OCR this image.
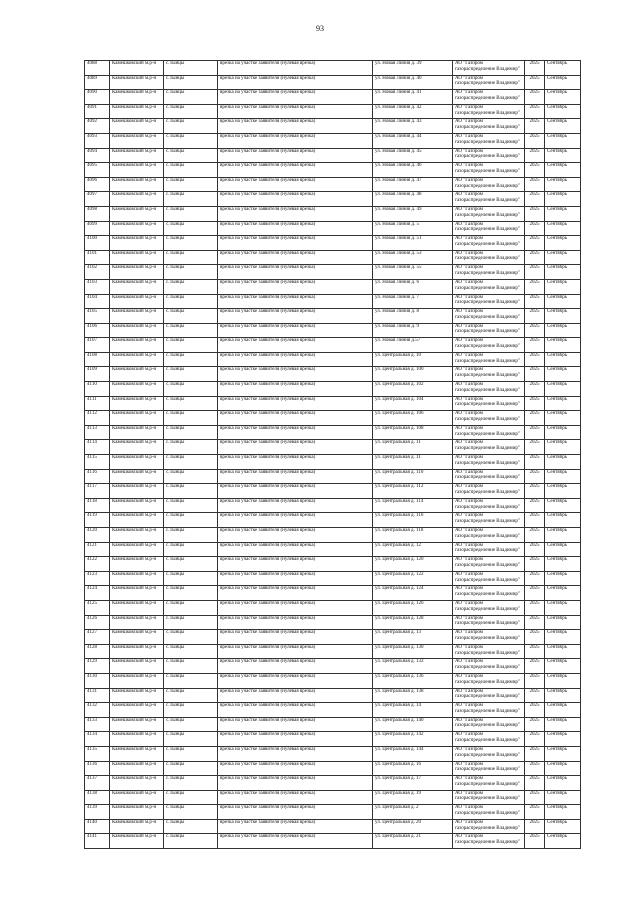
93
4088	Камешковский м.р-н	с.Тынцы	врезка на участке заявителя (нулевая врезка)	ул. Новая Линия д. 39	АО "Газпром газораспределение Владимир"	2025	Сентябрь
4089	Камешковский м.р-н	с.Тынцы	врезка на участке заявителя (нулевая врезка)	ул. Новая Линия д. 40	АО "Газпром газораспределение Владимир"	2025	Сентябрь
4090	Камешковский м.р-н	с.Тынцы	врезка на участке заявителя (нулевая врезка)	ул. Новая Линия д. 41	АО "Газпром газораспределение Владимир"	2025	Сентябрь
4091	Камешковский м.р-н	с.Тынцы	врезка на участке заявителя (нулевая врезка)	ул. Новая Линия д. 42	АО "Газпром газораспределение Владимир"	2025	Сентябрь
4092	Камешковский м.р-н	с.Тынцы	врезка на участке заявителя (нулевая врезка)	ул. Новая Линия д. 43	АО "Газпром газораспределение Владимир"	2025	Сентябрь
4093	Камешковский м.р-н	с.Тынцы	врезка на участке заявителя (нулевая врезка)	ул. Новая Линия д. 44	АО "Газпром газораспределение Владимир"	2025	Сентябрь
4094	Камешковский м.р-н	с.Тынцы	врезка на участке заявителя (нулевая врезка)	ул. Новая Линия д. 45	АО "Газпром газораспределение Владимир"	2025	Сентябрь
4095	Камешковский м.р-н	с.Тынцы	врезка на участке заявителя (нулевая врезка)	ул. Новая Линия д. 46	АО "Газпром газораспределение Владимир"	2025	Сентябрь
4096	Камешковский м.р-н	с.Тынцы	врезка на участке заявителя (нулевая врезка)	ул. Новая Линия д. 47	АО "Газпром газораспределение Владимир"	2025	Сентябрь
4097	Камешковский м.р-н	с.Тынцы	врезка на участке заявителя (нулевая врезка)	ул. Новая Линия д. 48	АО "Газпром газораспределение Владимир"	2025	Сентябрь
4098	Камешковский м.р-н	с.Тынцы	врезка на участке заявителя (нулевая врезка)	ул. Новая Линия д. 49	АО "Газпром газораспределение Владимир"	2025	Сентябрь
4099	Камешковский м.р-н	с.Тынцы	врезка на участке заявителя (нулевая врезка)	ул. Новая Линия д. 5	АО "Газпром газораспределение Владимир"	2025	Сентябрь
4100	Камешковский м.р-н	с.Тынцы	врезка на участке заявителя (нулевая врезка)	ул. Новая Линия д. 51	АО "Газпром газораспределение Владимир"	2025	Сентябрь
4101	Камешковский м.р-н	с.Тынцы	врезка на участке заявителя (нулевая врезка)	ул. Новая Линия д. 53	АО "Газпром газораспределение Владимир"	2025	Сентябрь
4102	Камешковский м.р-н	с.Тынцы	врезка на участке заявителя (нулевая врезка)	ул. Новая Линия д. 55	АО "Газпром газораспределение Владимир"	2025	Сентябрь
4103	Камешковский м.р-н	с.Тынцы	врезка на участке заявителя (нулевая врезка)	ул. Новая Линия д. 6	АО "Газпром газораспределение Владимир"	2025	Сентябрь
4104	Камешковский м.р-н	с.Тынцы	врезка на участке заявителя (нулевая врезка)	ул. Новая Линия д. 7	АО "Газпром газораспределение Владимир"	2025	Сентябрь
4105	Камешковский м.р-н	с.Тынцы	врезка на участке заявителя (нулевая врезка)	ул. Новая Линия д. 8	АО "Газпром газораспределение Владимир"	2025	Сентябрь
4106	Камешковский м.р-н	с.Тынцы	врезка на участке заявителя (нулевая врезка)	ул. Новая Линия д. 9	АО "Газпром газораспределение Владимир"	2025	Сентябрь
4107	Камешковский м.р-н	с.Тынцы	врезка на участке заявителя (нулевая врезка)	ул. Новая Линия д.57	АО "Газпром газораспределение Владимир"	2025	Сентябрь
4108	Камешковский м.р-н	с.Тынцы	врезка на участке заявителя (нулевая врезка)	ул. Центральная д. 10	АО "Газпром газораспределение Владимир"	2025	Сентябрь
4109	Камешковский м.р-н	с.Тынцы	врезка на участке заявителя (нулевая врезка)	ул. Центральная д. 100	АО "Газпром газораспределение Владимир"	2025	Сентябрь
4110	Камешковский м.р-н	с.Тынцы	врезка на участке заявителя (нулевая врезка)	ул. Центральная д. 102	АО "Газпром газораспределение Владимир"	2025	Сентябрь
4111	Камешковский м.р-н	с.Тынцы	врезка на участке заявителя (нулевая врезка)	ул. Центральная д. 104	АО "Газпром газораспределение Владимир"	2025	Сентябрь
4112	Камешковский м.р-н	с.Тынцы	врезка на участке заявителя (нулевая врезка)	ул. Центральная д. 106	АО "Газпром газораспределение Владимир"	2025	Сентябрь
4113	Камешковский м.р-н	с.Тынцы	врезка на участке заявителя (нулевая врезка)	ул. Центральная д. 108	АО "Газпром газораспределение Владимир"	2025	Сентябрь
4114	Камешковский м.р-н	с.Тынцы	врезка на участке заявителя (нулевая врезка)	ул. Центральная д. 11	АО "Газпром газораспределение Владимир"	2025	Сентябрь
4115	Камешковский м.р-н	с.Тынцы	врезка на участке заявителя (нулевая врезка)	ул. Центральная д. 11	АО "Газпром газораспределение Владимир"	2025	Сентябрь
4116	Камешковский м.р-н	с.Тынцы	врезка на участке заявителя (нулевая врезка)	ул. Центральная д. 110	АО "Газпром газораспределение Владимир"	2025	Сентябрь
4117	Камешковский м.р-н	с.Тынцы	врезка на участке заявителя (нулевая врезка)	ул. Центральная д. 112	АО "Газпром газораспределение Владимир"	2025	Сентябрь
4118	Камешковский м.р-н	с.Тынцы	врезка на участке заявителя (нулевая врезка)	ул. Центральная д. 114	АО "Газпром газораспределение Владимир"	2025	Сентябрь
4119	Камешковский м.р-н	с.Тынцы	врезка на участке заявителя (нулевая врезка)	ул. Центральная д. 116	АО "Газпром газораспределение Владимир"	2025	Сентябрь
4120	Камешковский м.р-н	с.Тынцы	врезка на участке заявителя (нулевая врезка)	ул. Центральная д. 118	АО "Газпром газораспределение Владимир"	2025	Сентябрь
4121	Камешковский м.р-н	с.Тынцы	врезка на участке заявителя (нулевая врезка)	ул. Центральная д. 12	АО "Газпром газораспределение Владимир"	2025	Сентябрь
4122	Камешковский м.р-н	с.Тынцы	врезка на участке заявителя (нулевая врезка)	ул. Центральная д. 120	АО "Газпром газораспределение Владимир"	2025	Сентябрь
4123	Камешковский м.р-н	с.Тынцы	врезка на участке заявителя (нулевая врезка)	ул. Центральная д. 122	АО "Газпром газораспределение Владимир"	2025	Сентябрь
4124	Камешковский м.р-н	с.Тынцы	врезка на участке заявителя (нулевая врезка)	ул. Центральная д. 124	АО "Газпром газораспределение Владимир"	2025	Сентябрь
4125	Камешковский м.р-н	с.Тынцы	врезка на участке заявителя (нулевая врезка)	ул. Центральная д. 126	АО "Газпром газораспределение Владимир"	2025	Сентябрь
4126	Камешковский м.р-н	с.Тынцы	врезка на участке заявителя (нулевая врезка)	ул. Центральная д. 128	АО "Газпром газораспределение Владимир"	2025	Сентябрь
4127	Камешковский м.р-н	с.Тынцы	врезка на участке заявителя (нулевая врезка)	ул. Центральная д. 13	АО "Газпром газораспределение Владимир"	2025	Сентябрь
4128	Камешковский м.р-н	с.Тынцы	врезка на участке заявителя (нулевая врезка)	ул. Центральная д. 130	АО "Газпром газораспределение Владимир"	2025	Сентябрь
4129	Камешковский м.р-н	с.Тынцы	врезка на участке заявителя (нулевая врезка)	ул. Центральная д. 132	АО "Газпром газораспределение Владимир"	2025	Сентябрь
4130	Камешковский м.р-н	с.Тынцы	врезка на участке заявителя (нулевая врезка)	ул. Центральная д. 136	АО "Газпром газораспределение Владимир"	2025	Сентябрь
4131	Камешковский м.р-н	с.Тынцы	врезка на участке заявителя (нулевая врезка)	ул. Центральная д. 138	АО "Газпром газораспределение Владимир"	2025	Сентябрь
4132	Камешковский м.р-н	с.Тынцы	врезка на участке заявителя (нулевая врезка)	ул. Центральная д. 14	АО "Газпром газораспределение Владимир"	2025	Сентябрь
4133	Камешковский м.р-н	с.Тынцы	врезка на участке заявителя (нулевая врезка)	ул. Центральная д. 140	АО "Газпром газораспределение Владимир"	2025	Сентябрь
4134	Камешковский м.р-н	с.Тынцы	врезка на участке заявителя (нулевая врезка)	ул. Центральная д. 142	АО "Газпром газораспределение Владимир"	2025	Сентябрь
4135	Камешковский м.р-н	с.Тынцы	врезка на участке заявителя (нулевая врезка)	ул. Центральная д. 144	АО "Газпром газораспределение Владимир"	2025	Сентябрь
4136	Камешковский м.р-н	с.Тынцы	врезка на участке заявителя (нулевая врезка)	ул. Центральная д. 16	АО "Газпром газораспределение Владимир"	2025	Сентябрь
4137	Камешковский м.р-н	с.Тынцы	врезка на участке заявителя (нулевая врезка)	ул. Центральная д. 17	АО "Газпром газораспределение Владимир"	2025	Сентябрь
4138	Камешковский м.р-н	с.Тынцы	врезка на участке заявителя (нулевая врезка)	ул. Центральная д. 19	АО "Газпром газораспределение Владимир"	2025	Сентябрь
4139	Камешковский м.р-н	с.Тынцы	врезка на участке заявителя (нулевая врезка)	ул. Центральная д. 2	АО "Газпром газораспределение Владимир"	2025	Сентябрь
4140	Камешковский м.р-н	с.Тынцы	врезка на участке заявителя (нулевая врезка)	ул. Центральная д. 20	АО "Газпром газораспределение Владимир"	2025	Сентябрь
4141	Камешковский м.р-н	с.Тынцы	врезка на участке заявителя (нулевая врезка)	ул. Центральная д. 21	АО "Газпром газораспределение Владимир"	2025	Сентябрь
